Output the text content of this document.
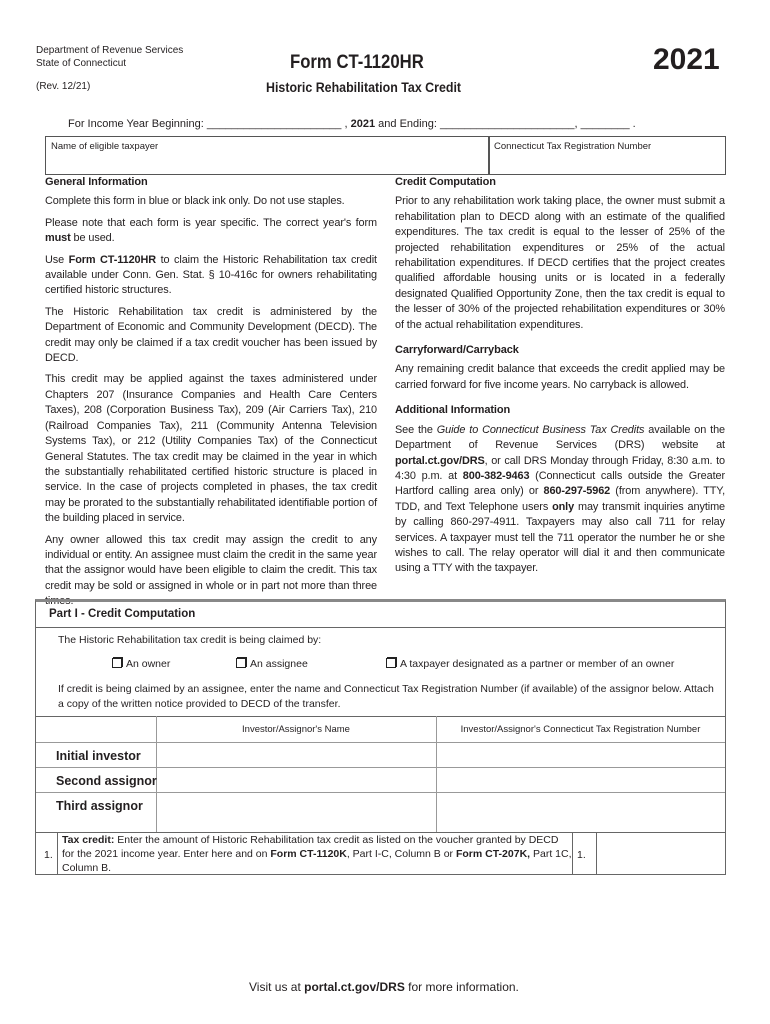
Department of Revenue Services
State of Connecticut
(Rev. 12/21)
Form CT-1120HR
Historic Rehabilitation Tax Credit
2021
For Income Year Beginning: ______________________ , 2021 and Ending: ______________________, ________ .
Name of eligible taxpayer	Connecticut Tax Registration Number
General Information

Complete this form in blue or black ink only. Do not use staples.

Please note that each form is year specific. The correct year's form must be used.

Use Form CT-1120HR to claim the Historic Rehabilitation tax credit available under Conn. Gen. Stat. § 10-416c for owners rehabilitating certified historic structures.

The Historic Rehabilitation tax credit is administered by the Department of Economic and Community Development (DECD). The credit may only be claimed if a tax credit voucher has been issued by DECD.

This credit may be applied against the taxes administered under Chapters 207 (Insurance Companies and Health Care Centers Taxes), 208 (Corporation Business Tax), 209 (Air Carriers Tax), 210 (Railroad Companies Tax), 211 (Community Antenna Television Systems Tax), or 212 (Utility Companies Tax) of the Connecticut General Statutes. The tax credit may be claimed in the year in which the substantially rehabilitated certified historic structure is placed in service. In the case of projects completed in phases, the tax credit may be prorated to the substantially rehabilitated identifiable portion of the building placed in service.

Any owner allowed this tax credit may assign the credit to any individual or entity. An assignee must claim the credit in the same year that the assignor would have been eligible to claim the credit. This tax credit may be sold or assigned in whole or in part not more than three times.

Credit Computation

Prior to any rehabilitation work taking place, the owner must submit a rehabilitation plan to DECD along with an estimate of the qualified expenditures. The tax credit is equal to the lesser of 25% of the projected rehabilitation expenditures or 25% of the actual rehabilitation expenditures. If DECD certifies that the project creates qualified affordable housing units or is located in a federally designated Qualified Opportunity Zone, then the tax credit is equal to the lesser of 30% of the projected rehabilitation expenditures or 30% of the actual rehabilitation expenditures.

Carryforward/Carryback

Any remaining credit balance that exceeds the credit applied may be carried forward for five income years. No carryback is allowed.

Additional Information

See the Guide to Connecticut Business Tax Credits available on the Department of Revenue Services (DRS) website at portal.ct.gov/DRS, or call DRS Monday through Friday, 8:30 a.m. to 4:30 p.m. at 800-382-9463 (Connecticut calls outside the Greater Hartford calling area only) or 860-297-5962 (from anywhere). TTY, TDD, and Text Telephone users only may transmit inquiries anytime by calling 860-297-4911. Taxpayers may also call 711 for relay services. A taxpayer must tell the 711 operator the number he or she wishes to call. The relay operator will dial it and then communicate using a TTY with the taxpayer.

Part I - Credit Computation
The Historic Rehabilitation tax credit is being claimed by:
An owner	An assignee	A taxpayer designated as a partner or member of an owner
If credit is being claimed by an assignee, enter the name and Connecticut Tax Registration Number (if available) of the assignor below. Attach a copy of the written notice provided to DECD of the transfer.
Investor/Assignor's Name	Investor/Assignor's Connecticut Tax Registration Number
Initial investor
Second assignor
Third assignor
1.
Tax credit: Enter the amount of Historic Rehabilitation tax credit as listed on the voucher granted by DECD for the 2021 income year. Enter here and on Form CT-1120K, Part I-C, Column B or Form CT-207K, Part 1C, Column B.
1.
Visit us at portal.ct.gov/DRS for more information.
